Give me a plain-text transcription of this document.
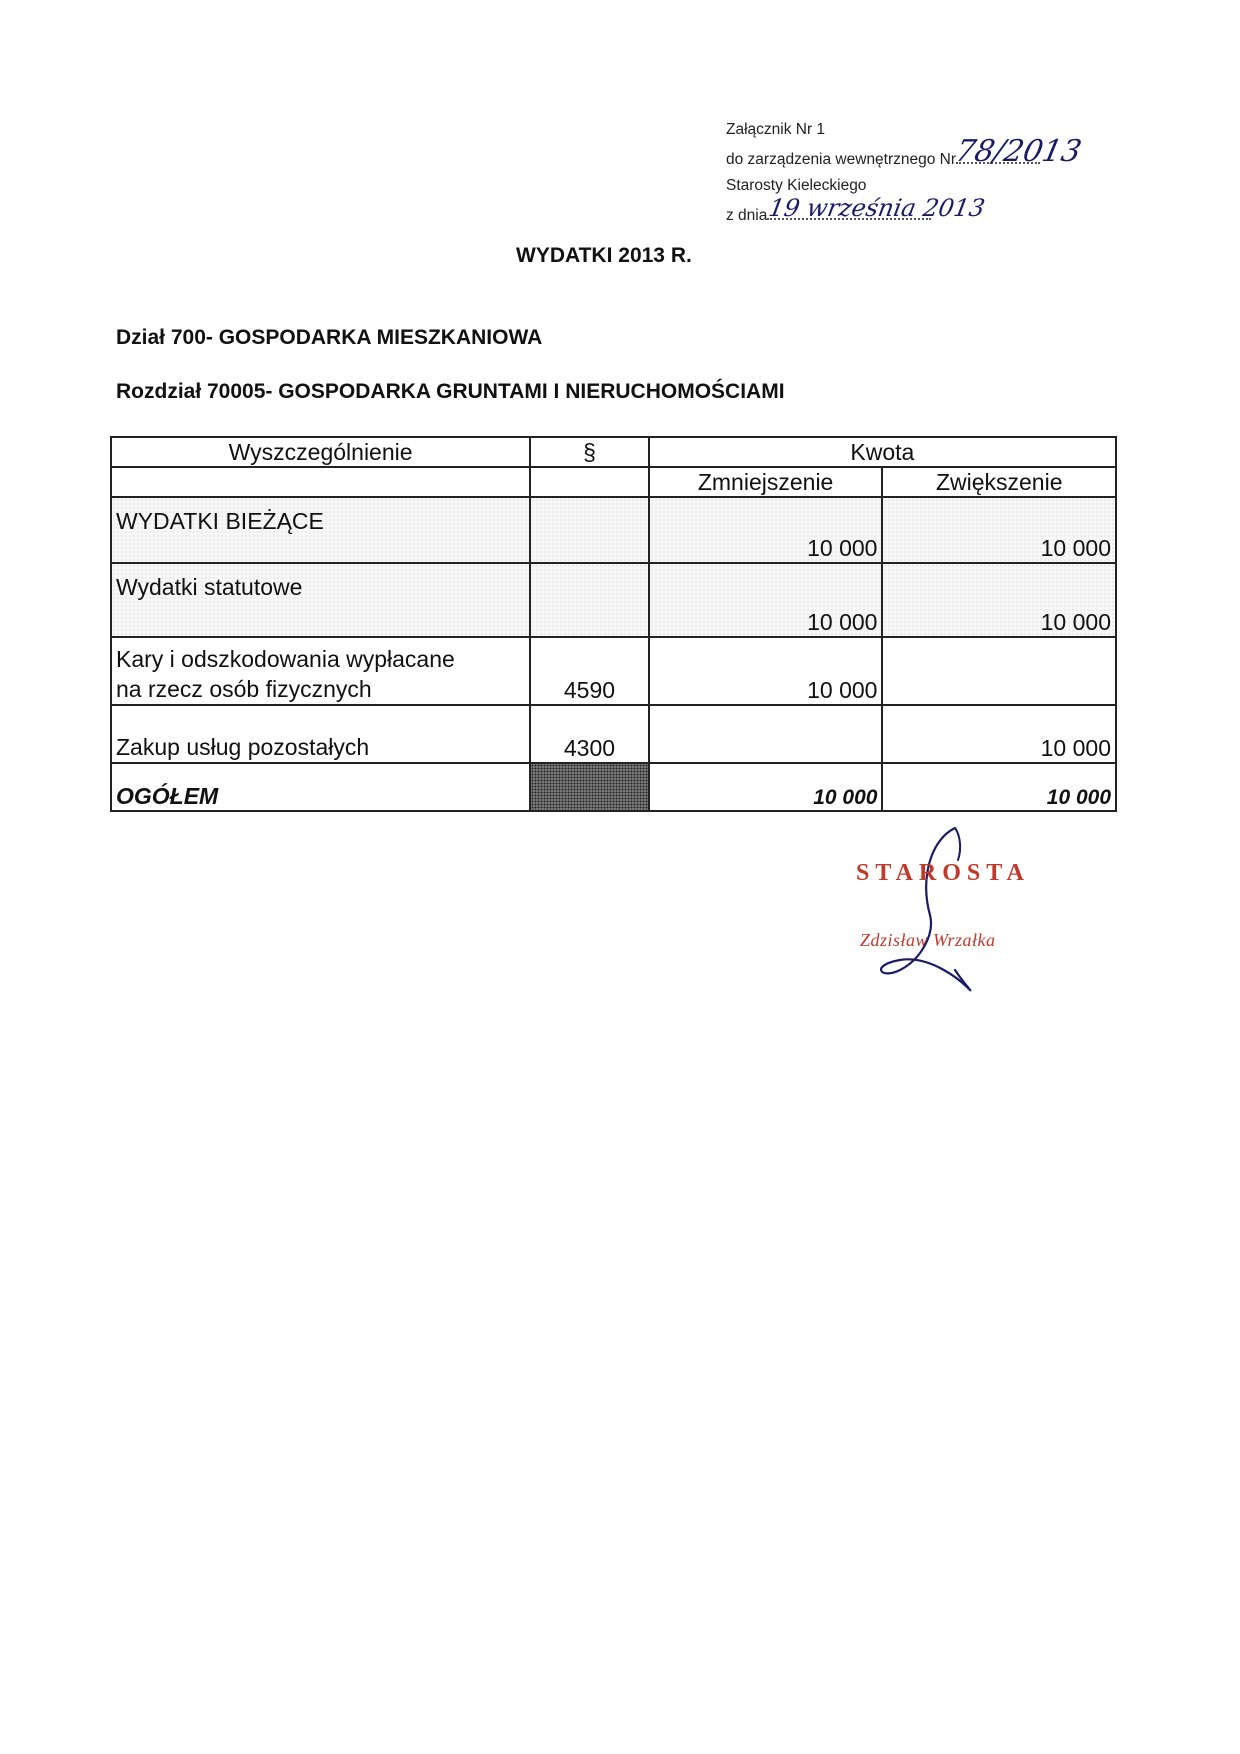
Załącznik Nr 1
do zarządzenia wewnętrznego Nr
78/2013
Starosty Kieleckiego
z dnia 19 września 2013
WYDATKI 2013 R.
Dział 700- GOSPODARKA MIESZKANIOWA
Rozdział 70005- GOSPODARKA GRUNTAMI I NIERUCHOMOŚCIAMI
Wyszczególnienie	§	Kwota	
		Zmniejszenie	Zwiększenie
WYDATKI BIEŻĄCE		10 000	10 000
Wydatki statutowe		10 000	10 000

Kary i odszkodowania wypłacane
na rzecz osób fizycznych	4590	10 000	
Zakup usług pozostałych	4300		10 000
OGÓŁEM		10 000	10 000
STAROSTA
Zdzisław Wrzałka
